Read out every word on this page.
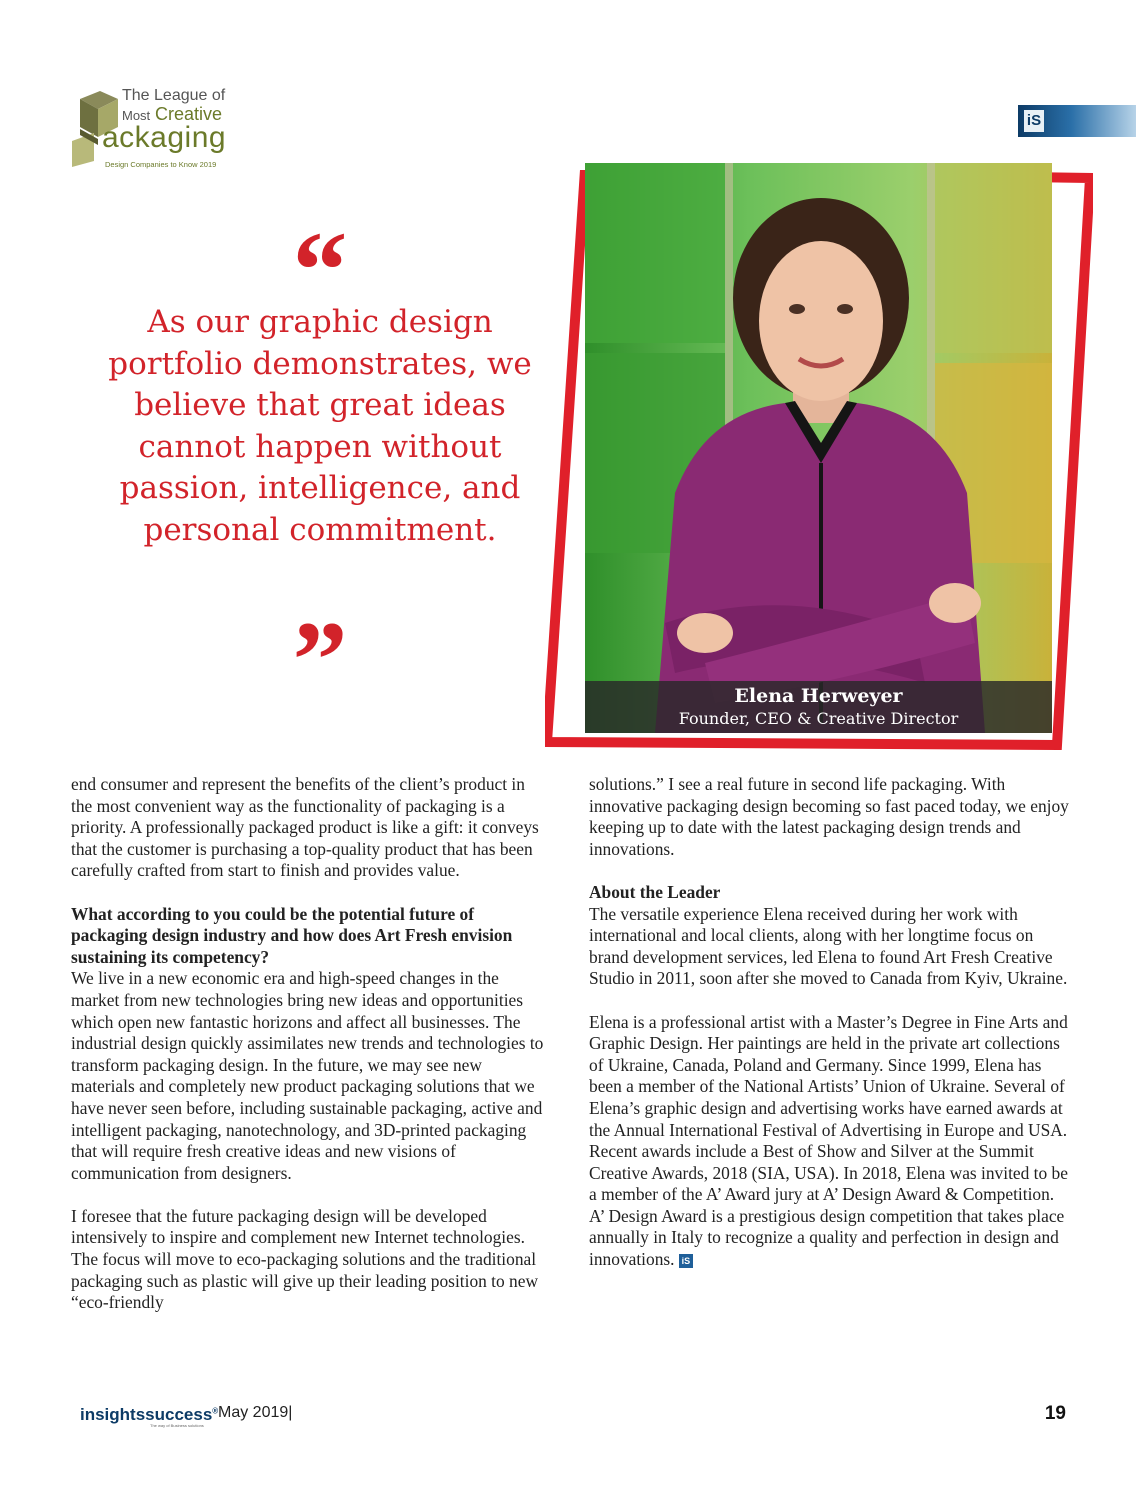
The League of
Most Creative
ackaging
Design Companies to Know 2019
iS
“
As our graphic design portfolio demonstrates, we believe that great ideas cannot happen without passion, intelligence, and personal commitment.
”	Elena Herweyer
Founder, CEO & Creative Director

end consumer and represent the benefits of the client’s product in the most convenient way as the functionality of packaging is a priority. A professionally packaged product is like a gift: it conveys that the customer is purchasing a top-quality product that has been carefully crafted from start to finish and provides value.

What according to you could be the potential future of packaging design industry and how does Art Fresh envision sustaining its competency?

We live in a new economic era and high-speed changes in the market from new technologies bring new ideas and opportunities which open new fantastic horizons and affect all businesses. The industrial design quickly assimilates new trends and technologies to transform packaging design. In the future, we may see new materials and completely new product packaging solutions that we have never seen before, including sustainable packaging, active and intelligent packaging, nanotechnology, and 3D-printed packaging that will require fresh creative ideas and new visions of communication from designers.

I foresee that the future packaging design will be developed intensively to inspire and complement new Internet technologies. The focus will move to eco-packaging solutions and the traditional packaging such as plastic will give up their leading position to new “eco-friendly

solutions.” I see a real future in second life packaging. With innovative packaging design becoming so fast paced today, we enjoy keeping up to date with the latest packaging design trends and innovations.

About the Leader

The versatile experience Elena received during her work with international and local clients, along with her longtime focus on brand development services, led Elena to found Art Fresh Creative Studio in 2011, soon after she moved to Canada from Kyiv, Ukraine.

Elena is a professional artist with a Master’s Degree in Fine Arts and Graphic Design. Her paintings are held in the private art collections of Ukraine, Canada, Poland and Germany. Since 1999, Elena has been a member of the National Artists’ Union of Ukraine. Several of Elena’s graphic design and advertising works have earned awards at the Annual International Festival of Advertising in Europe and USA. Recent awards include a Best of Show and Silver at the Summit Creative Awards, 2018 (SIA, USA). In 2018, Elena was invited to be a member of the A’ Award jury at A’ Design Award & Competition. A’ Design Award is a prestigious design competition that takes place annually in Italy to recognize a quality and perfection in design and innovations. iS

insightssuccess®
The way of Business solutions
May 2019|	19
